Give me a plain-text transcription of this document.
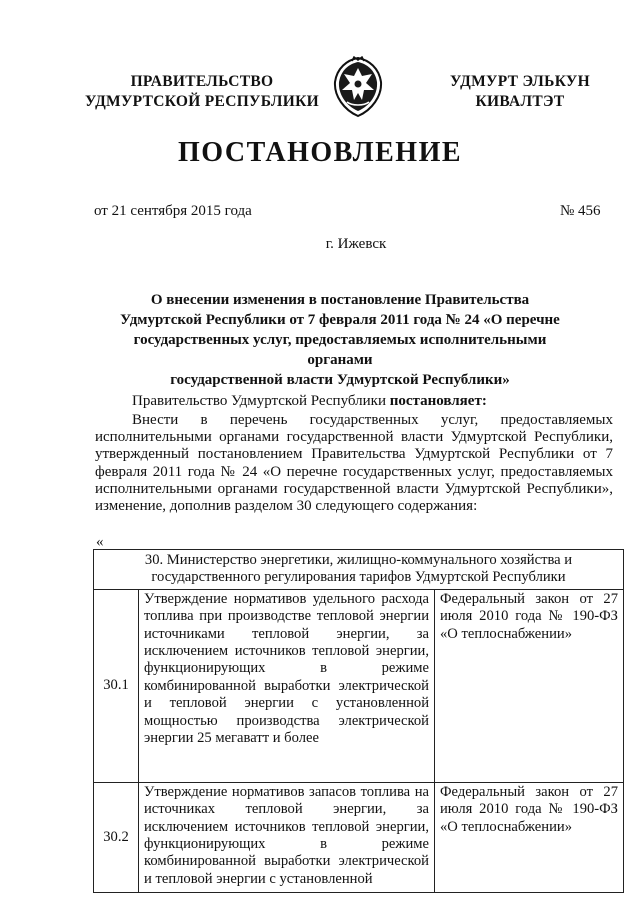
ПРАВИТЕЛЬСТВО
УДМУРТСКОЙ РЕСПУБЛИКИ
УДМУРТ ЭЛЬКУН
КИВАЛТЭТ
ПОСТАНОВЛЕНИЕ
от 21 сентября 2015 года	№ 456
г. Ижевск
О внесении изменения в постановление Правительства
Удмуртской Республики от 7 февраля 2011 года № 24 «О перечне
государственных услуг, предоставляемых исполнительными органами
государственной власти Удмуртской Республики»
Правительство Удмуртской Республики постановляет:
Внести в перечень государственных услуг, предоставляемых исполнительными органами государственной власти Удмуртской Республики, утвержденный постановлением Правительства Удмуртской Республики от 7 февраля 2011 года № 24 «О перечне государственных услуг, предоставляемых исполнительными органами государственной власти Удмуртской Республики», изменение, дополнив разделом 30 следующего содержания:
«
30. Министерство энергетики, жилищно-коммунального хозяйства и государственного регулирования тарифов Удмуртской Республики		
30.1	Утверждение нормативов удельного расхода топлива при производстве тепловой энергии источниками тепловой энергии, за исключением источников тепловой энергии, функционирующих в режиме комбинированной выработки электрической и тепловой энергии с установленной мощностью производства электрической энергии 25 мегаватт и более	Федеральный закон от 27 июля 2010 года № 190-ФЗ «О теплоснабжении»
30.2	Утверждение нормативов запасов топлива на источниках тепловой энергии, за исключением источников тепловой энергии, функционирующих в режиме комбинированной выработки электрической и тепловой энергии с установленной	Федеральный закон от 27 июля 2010 года № 190-ФЗ «О теплоснабжении»
